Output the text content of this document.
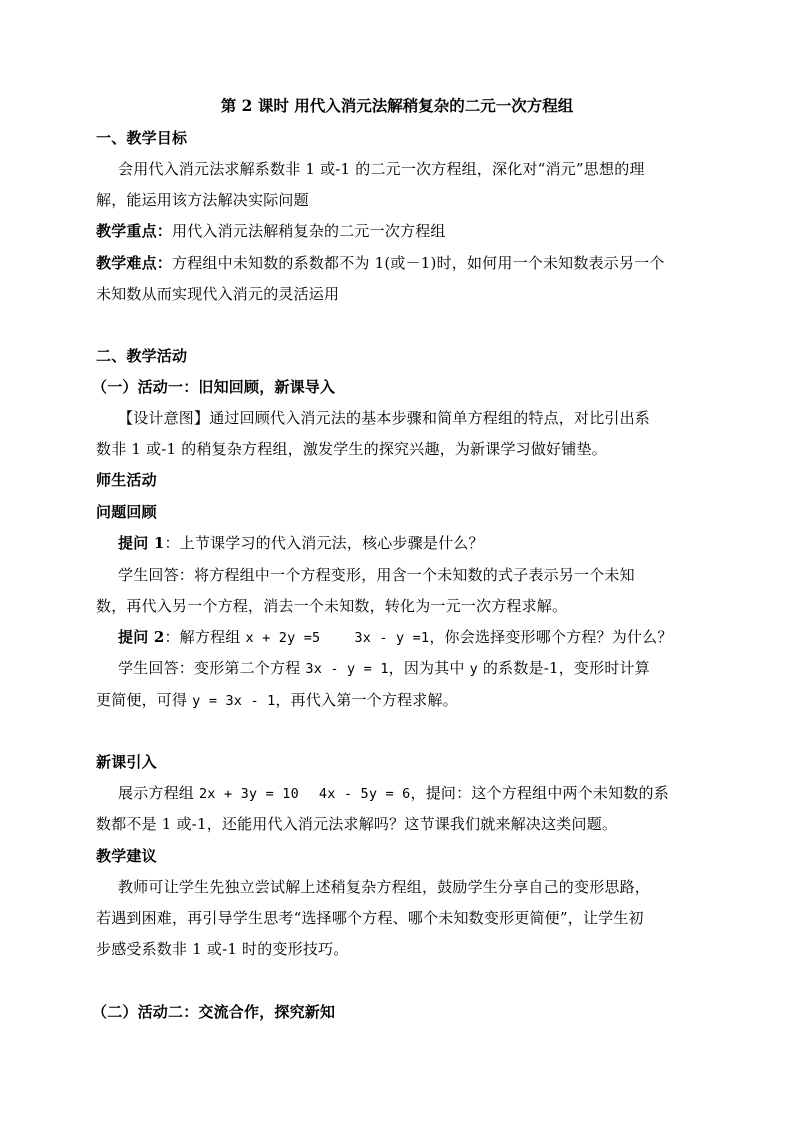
第 2 课时 用代入消元法解稍复杂的二元一次方程组
一、教学目标
会用代入消元法求解系数非 1 或-1 的二元一次方程组，深化对“消元”思想的理
解，能运用该方法解决实际问题
教学重点：用代入消元法解稍复杂的二元一次方程组
教学难点：方程组中未知数的系数都不为 1(或－1)时，如何用一个未知数表示另一个
未知数从而实现代入消元的灵活运用
二、教学活动
（一）活动一：旧知回顾，新课导入
【设计意图】通过回顾代入消元法的基本步骤和简单方程组的特点，对比引出系
数非 1 或-1 的稍复杂方程组，激发学生的探究兴趣，为新课学习做好铺垫。
师生活动
问题回顾
提问 1：上节课学习的代入消元法，核心步骤是什么？
学生回答：将方程组中一个方程变形，用含一个未知数的式子表示另一个未知
数，再代入另一个方程，消去一个未知数，转化为一元一次方程求解。
提问 2：解方程组 x + 2y =5	3x - y =1，你会选择变形哪个方程？为什么？
学生回答：变形第二个方程 3x - y = 1，因为其中 y 的系数是-1，变形时计算
更简便，可得 y = 3x - 1，再代入第一个方程求解。
新课引入
展示方程组 2x + 3y = 10 4x - 5y = 6，提问：这个方程组中两个未知数的系
数都不是 1 或-1，还能用代入消元法求解吗？这节课我们就来解决这类问题。
教学建议
教师可让学生先独立尝试解上述稍复杂方程组，鼓励学生分享自己的变形思路，
若遇到困难，再引导学生思考“选择哪个方程、哪个未知数变形更简便”，让学生初
步感受系数非 1 或-1 时的变形技巧。
（二）活动二：交流合作，探究新知
